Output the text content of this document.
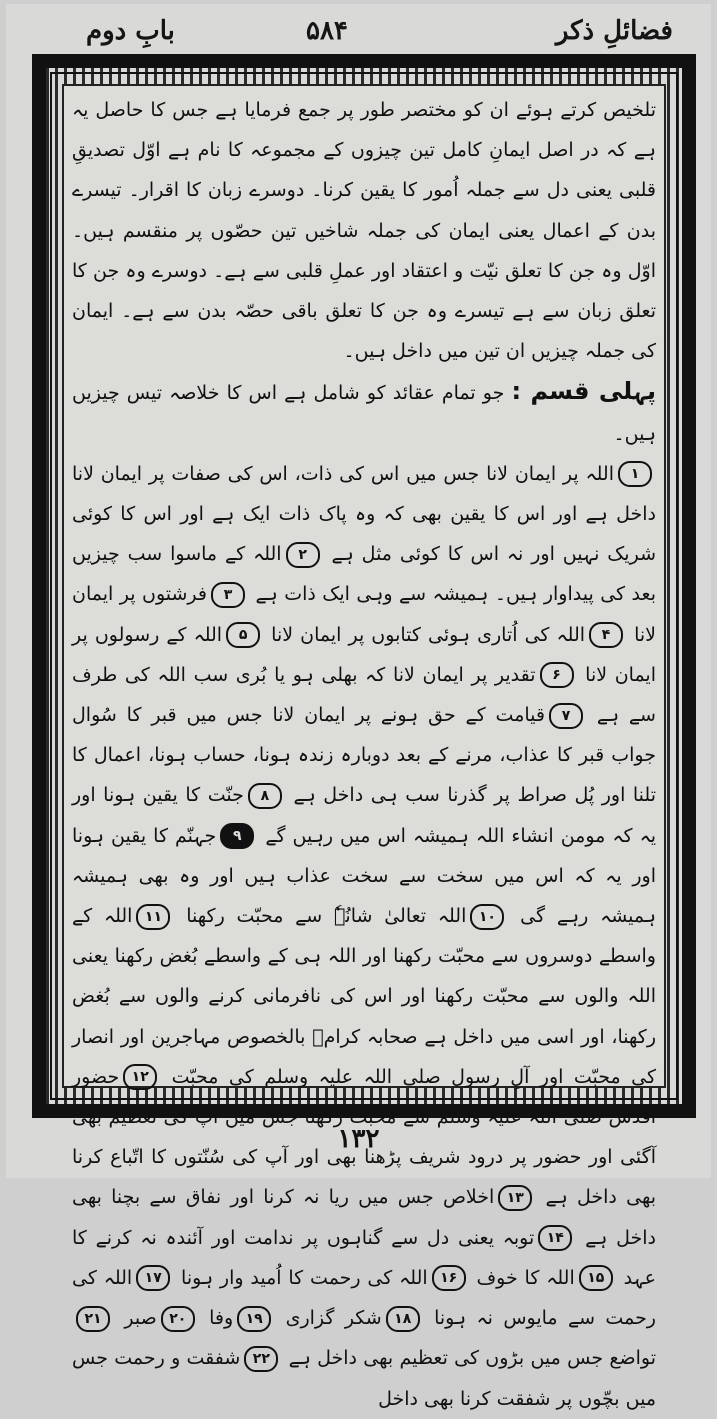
فضائلِ ذکر
۵۸۴
بابِ دوم

تلخیص کرتے ہوئے ان کو مختصر طور پر جمع فرمایا ہے جس کا حاصل یہ ہے کہ در اصل ایمانِ کامل تین چیزوں کے مجموعہ کا نام ہے اوّل تصدیقِ قلبی یعنی دل سے جملہ اُمور کا یقین کرنا۔ دوسرے زبان کا اقرار۔ تیسرے بدن کے اعمال یعنی ایمان کی جملہ شاخیں تین حصّوں پر منقسم ہیں۔ اوّل وہ جن کا تعلق نیّت و اعتقاد اور عملِ قلبی سے ہے۔ دوسرے وہ جن کا تعلق زبان سے ہے تیسرے وہ جن کا تعلق باقی حصّہ بدن سے ہے۔ ایمان کی جملہ چیزیں ان تین میں داخل ہیں۔

پہلی قسم : جو تمام عقائد کو شامل ہے اس کا خلاصہ تیس چیزیں ہیں۔

۱اللہ پر ایمان لانا جس میں اس کی ذات، اس کی صفات پر ایمان لانا داخل ہے اور اس کا یقین بھی کہ وہ پاک ذات ایک ہے اور اس کا کوئی شریک نہیں اور نہ اس کا کوئی مثل ہے ۲اللہ کے ماسوا سب چیزیں بعد کی پیداوار ہیں۔ ہمیشہ سے وہی ایک ذات ہے ۳فرشتوں پر ایمان لانا ۴اللہ کی اُتاری ہوئی کتابوں پر ایمان لانا ۵اللہ کے رسولوں پر ایمان لانا ۶تقدیر پر ایمان لانا کہ بھلی ہو یا بُری سب اللہ کی طرف سے ہے ۷قیامت کے حق ہونے پر ایمان لانا جس میں قبر کا سُوال جواب قبر کا عذاب، مرنے کے بعد دوبارہ زندہ ہونا، حساب ہونا، اعمال کا تلنا اور پُل صراط پر گذرنا سب ہی داخل ہے ۸جنّت کا یقین ہونا اور یہ کہ مومن انشاء اللہ ہمیشہ اس میں رہیں گے ۹جہنّم کا یقین ہونا اور یہ کہ اس میں سخت سے سخت عذاب ہیں اور وہ بھی ہمیشہ ہمیشہ رہے گی ۱۰اللہ تعالیٰ شانُہٗ سے محبّت رکھنا ۱۱اللہ کے واسطے دوسروں سے محبّت رکھنا اور اللہ ہی کے واسطے بُغض رکھنا یعنی اللہ والوں سے محبّت رکھنا اور اس کی نافرمانی کرنے والوں سے بُغض رکھنا، اور اسی میں داخل ہے صحابہ کرامؓ بالخصوص مہاجرین اور انصار کی محبّت اور آلِ رسول صلی اللہ علیہ وسلم کی محبّت ۱۲حضور اقدس صلی اللہ علیہ وسلم سے محبّت رکھنا جس میں آپ کی تعظیم بھی آگئی اور حضور پر درود شریف پڑھنا بھی اور آپ کی سُنّتوں کا اتّباع کرنا بھی داخل ہے ۱۳اخلاص جس میں ریا نہ کرنا اور نفاق سے بچنا بھی داخل ہے ۱۴توبہ یعنی دل سے گناہوں پر ندامت اور آئندہ نہ کرنے کا عہد ۱۵اللہ کا خوف ۱۶اللہ کی رحمت کا اُمید وار ہونا ۱۷اللہ کی رحمت سے مایوس نہ ہونا ۱۸شکر گزاری ۱۹وفا ۲۰صبر ۲۱تواضع جس میں بڑوں کی تعظیم بھی داخل ہے ۲۲شفقت و رحمت جس میں بچّوں پر شفقت کرنا بھی داخل

۱۳۲
